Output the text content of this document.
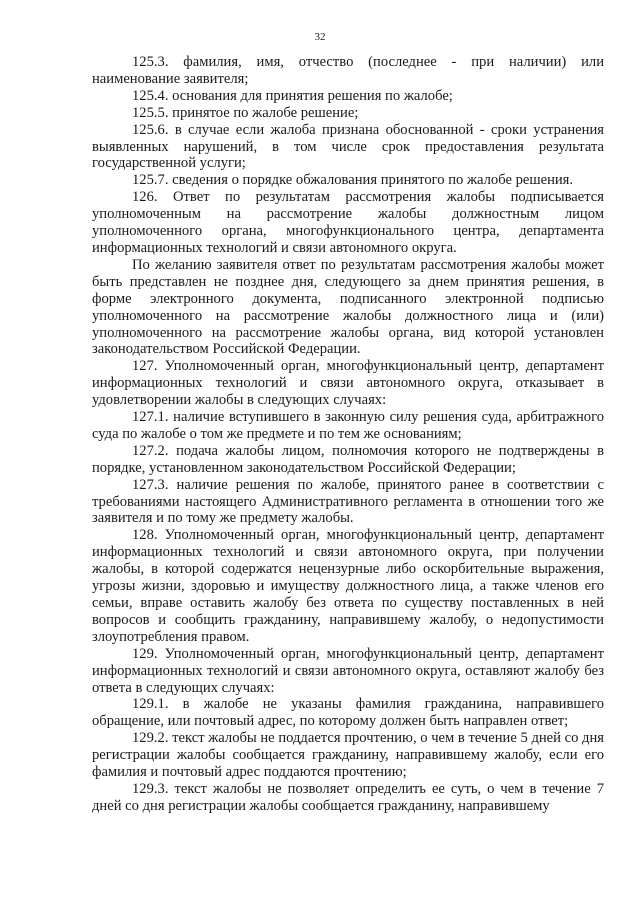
32

125.3. фамилия, имя, отчество (последнее - при наличии) или наименование заявителя;

125.4. основания для принятия решения по жалобе;

125.5. принятое по жалобе решение;

125.6. в случае если жалоба признана обоснованной - сроки устранения выявленных нарушений, в том числе срок предоставления результата государственной услуги;

125.7. сведения о порядке обжалования принятого по жалобе решения.

126. Ответ по результатам рассмотрения жалобы подписывается уполномоченным на рассмотрение жалобы должностным лицом уполномоченного органа, многофункционального центра, департамента информационных технологий и связи автономного округа.

По желанию заявителя ответ по результатам рассмотрения жалобы может быть представлен не позднее дня, следующего за днем принятия решения, в форме электронного документа, подписанного электронной подписью уполномоченного на рассмотрение жалобы должностного лица и (или) уполномоченного на рассмотрение жалобы органа, вид которой установлен законодательством Российской Федерации.

127. Уполномоченный орган, многофункциональный центр, департамент информационных технологий и связи автономного округа, отказывает в удовлетворении жалобы в следующих случаях:

127.1. наличие вступившего в законную силу решения суда, арбитражного суда по жалобе о том же предмете и по тем же основаниям;

127.2. подача жалобы лицом, полномочия которого не подтверждены в порядке, установленном законодательством Российской Федерации;

127.3. наличие решения по жалобе, принятого ранее в соответствии с требованиями настоящего Административного регламента в отношении того же заявителя и по тому же предмету жалобы.

128. Уполномоченный орган, многофункциональный центр, департамент информационных технологий и связи автономного округа, при получении жалобы, в которой содержатся нецензурные либо оскорбительные выражения, угрозы жизни, здоровью и имуществу должностного лица, а также членов его семьи, вправе оставить жалобу без ответа по существу поставленных в ней вопросов и сообщить гражданину, направившему жалобу, о недопустимости злоупотребления правом.

129. Уполномоченный орган, многофункциональный центр, департамент информационных технологий и связи автономного округа, оставляют жалобу без ответа в следующих случаях:

129.1. в жалобе не указаны фамилия гражданина, направившего обращение, или почтовый адрес, по которому должен быть направлен ответ;

129.2. текст жалобы не поддается прочтению, о чем в течение 5 дней со дня регистрации жалобы сообщается гражданину, направившему жалобу, если его фамилия и почтовый адрес поддаются прочтению;

129.3. текст жалобы не позволяет определить ее суть, о чем в течение 7 дней со дня регистрации жалобы сообщается гражданину, направившему
